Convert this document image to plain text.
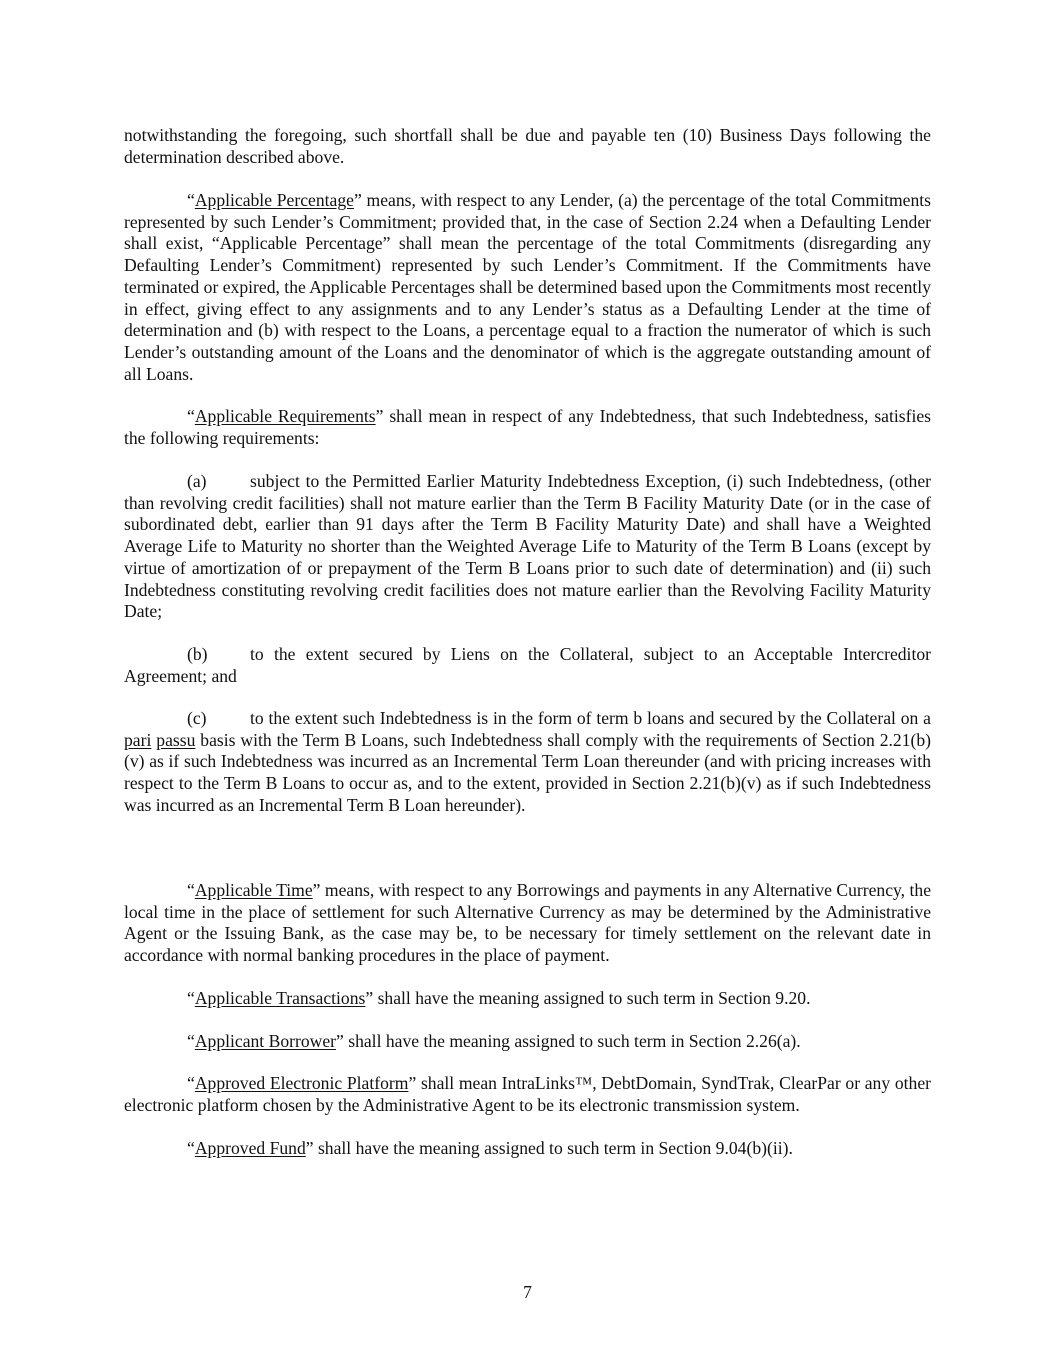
notwithstanding the foregoing, such shortfall shall be due and payable ten (10) Business Days following the determination described above.

“Applicable Percentage” means, with respect to any Lender, (a) the percentage of the total Commitments represented by such Lender’s Commitment; provided that, in the case of Section 2.24 when a Defaulting Lender shall exist, “Applicable Percentage” shall mean the percentage of the total Commitments (disregarding any Defaulting Lender’s Commitment) represented by such Lender’s Commitment. If the Commitments have terminated or expired, the Applicable Percentages shall be determined based upon the Commitments most recently in effect, giving effect to any assignments and to any Lender’s status as a Defaulting Lender at the time of determination and (b) with respect to the Loans, a percentage equal to a fraction the numerator of which is such Lender’s outstanding amount of the Loans and the denominator of which is the aggregate outstanding amount of all Loans.

“Applicable Requirements” shall mean in respect of any Indebtedness, that such Indebtedness, satisfies the following requirements:

(a) subject to the Permitted Earlier Maturity Indebtedness Exception, (i) such Indebtedness, (other than revolving credit facilities) shall not mature earlier than the Term B Facility Maturity Date (or in the case of subordinated debt, earlier than 91 days after the Term B Facility Maturity Date) and shall have a Weighted Average Life to Maturity no shorter than the Weighted Average Life to Maturity of the Term B Loans (except by virtue of amortization of or prepayment of the Term B Loans prior to such date of determination) and (ii) such Indebtedness constituting revolving credit facilities does not mature earlier than the Revolving Facility Maturity Date;

(b) to the extent secured by Liens on the Collateral, subject to an Acceptable Intercreditor Agreement; and

(c) to the extent such Indebtedness is in the form of term b loans and secured by the Collateral on a pari passu basis with the Term B Loans, such Indebtedness shall comply with the requirements of Section 2.21(b)(v) as if such Indebtedness was incurred as an Incremental Term Loan thereunder (and with pricing increases with respect to the Term B Loans to occur as, and to the extent, provided in Section 2.21(b)(v) as if such Indebtedness was incurred as an Incremental Term B Loan hereunder).

“Applicable Time” means, with respect to any Borrowings and payments in any Alternative Currency, the local time in the place of settlement for such Alternative Currency as may be determined by the Administrative Agent or the Issuing Bank, as the case may be, to be necessary for timely settlement on the relevant date in accordance with normal banking procedures in the place of payment.

“Applicable Transactions” shall have the meaning assigned to such term in Section 9.20.

“Applicant Borrower” shall have the meaning assigned to such term in Section 2.26(a).

“Approved Electronic Platform” shall mean IntraLinks™, DebtDomain, SyndTrak, ClearPar or any other electronic platform chosen by the Administrative Agent to be its electronic transmission system.

“Approved Fund” shall have the meaning assigned to such term in Section 9.04(b)(ii).

7
